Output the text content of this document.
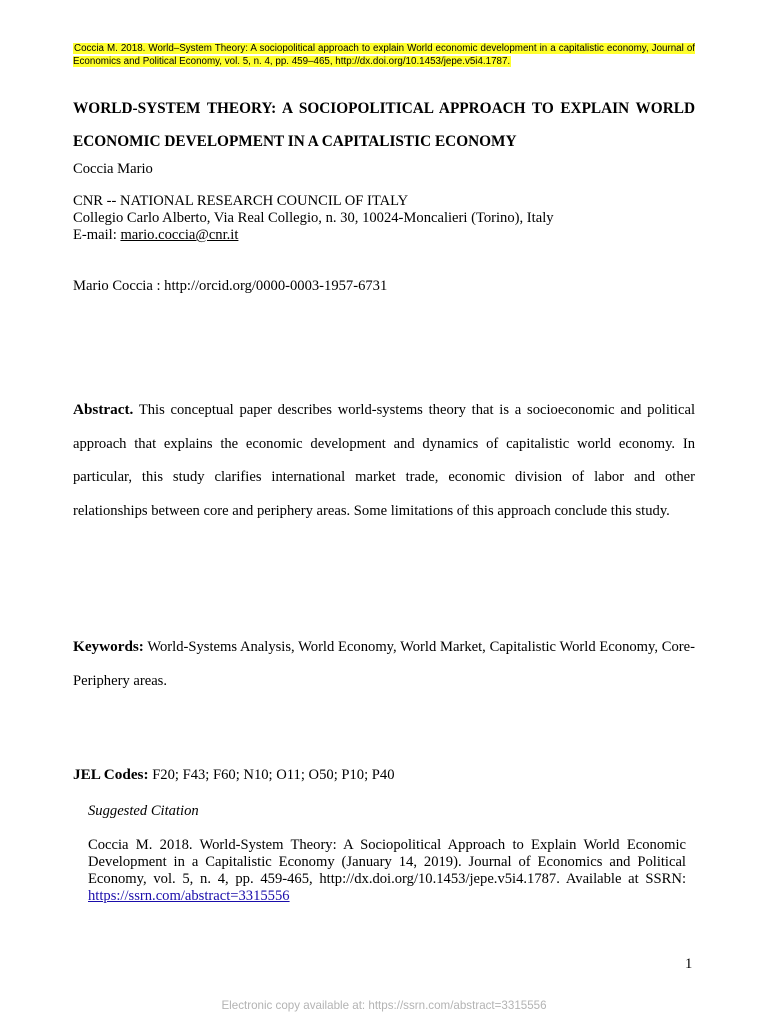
Coccia M. 2018. World–System Theory: A sociopolitical approach to explain World economic development in a capitalistic economy, Journal of Economics and Political Economy, vol. 5, n. 4, pp. 459–465, http://dx.doi.org/10.1453/jepe.v5i4.1787.
WORLD-SYSTEM THEORY: A SOCIOPOLITICAL APPROACH TO EXPLAIN WORLD ECONOMIC DEVELOPMENT IN A CAPITALISTIC ECONOMY

Coccia Mario

CNR -- NATIONAL RESEARCH COUNCIL OF ITALY
Collegio Carlo Alberto, Via Real Collegio, n. 30, 10024-Moncalieri (Torino), Italy
E-mail: mario.coccia@cnr.it
Mario Coccia : http://orcid.org/0000-0003-1957-6731

Abstract. This conceptual paper describes world-systems theory that is a socioeconomic and political approach that explains the economic development and dynamics of capitalistic world economy. In particular, this study clarifies international market trade, economic division of labor and other relationships between core and periphery areas. Some limitations of this approach conclude this study.

Keywords: World-Systems Analysis, World Economy, World Market, Capitalistic World Economy, Core-Periphery areas.

JEL Codes: F20; F43; F60; N10; O11; O50; P10; P40

Suggested Citation

Coccia M. 2018. World-System Theory: A Sociopolitical Approach to Explain World Economic Development in a Capitalistic Economy (January 14, 2019). Journal of Economics and Political Economy, vol. 5, n. 4, pp. 459-465, http://dx.doi.org/10.1453/jepe.v5i4.1787. Available at SSRN: https://ssrn.com/abstract=3315556

1
Electronic copy available at: https://ssrn.com/abstract=3315556
